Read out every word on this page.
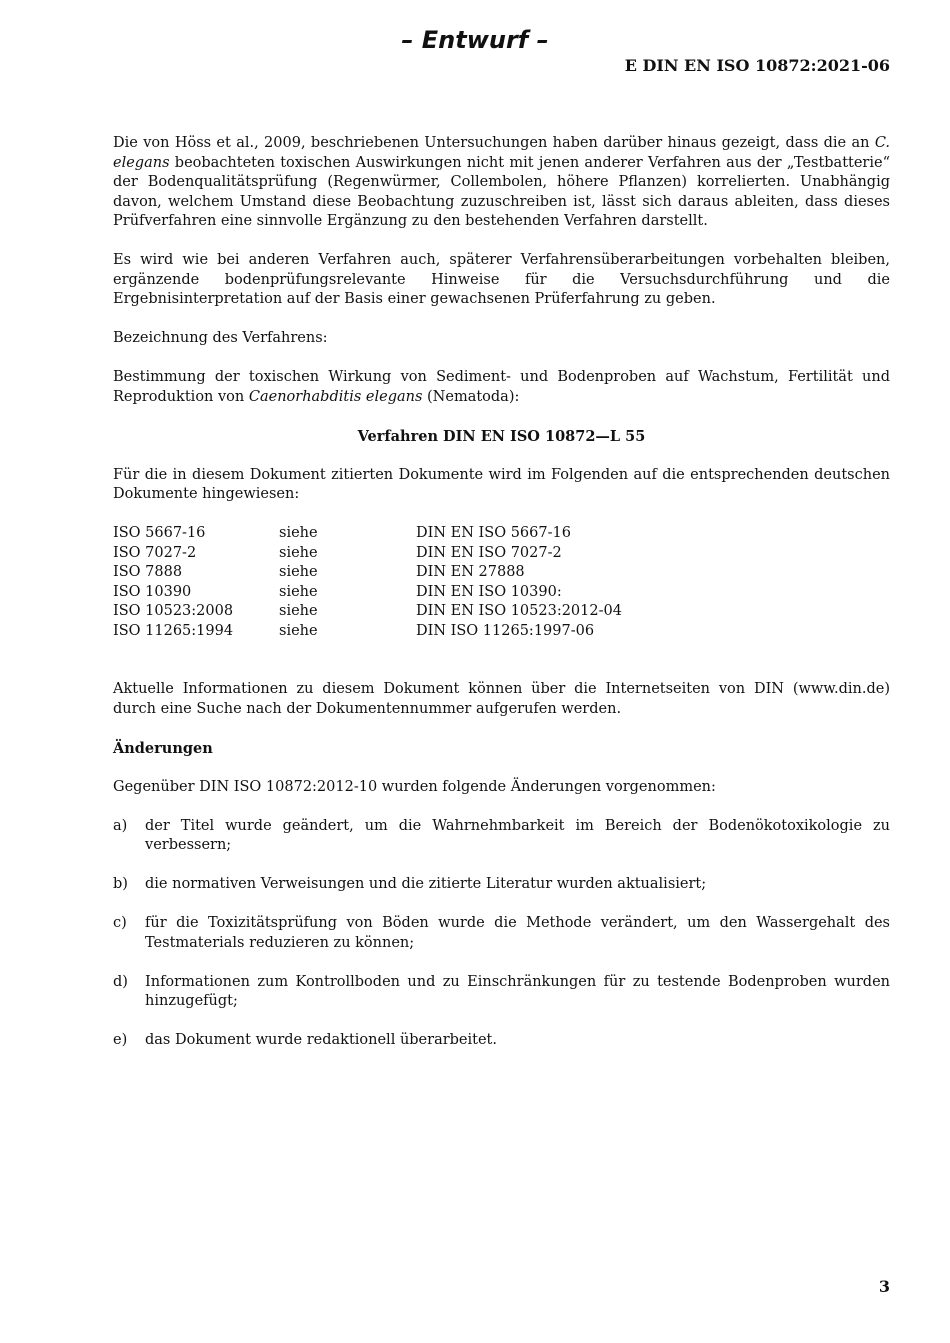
– Entwurf –
E DIN EN ISO 10872:2021-06

Die von Höss et al., 2009, beschriebenen Untersuchungen haben darüber hinaus gezeigt, dass die an C. elegans beobachteten toxischen Auswirkungen nicht mit jenen anderer Verfahren aus der „Testbatterie“ der Bodenqualitätsprüfung (Regenwürmer, Collembolen, höhere Pflanzen) korrelierten. Unabhängig davon, welchem Umstand diese Beobachtung zuzuschreiben ist, lässt sich daraus ableiten, dass dieses Prüfverfahren eine sinnvolle Ergänzung zu den bestehenden Verfahren darstellt.

Es wird wie bei anderen Verfahren auch, späterer Verfahrensüberarbeitungen vorbehalten bleiben, ergänzende bodenprüfungsrelevante Hinweise für die Versuchsdurchführung und die Ergebnisinterpretation auf der Basis einer gewachsenen Prüferfahrung zu geben.

Bezeichnung des Verfahrens:

Bestimmung der toxischen Wirkung von Sediment- und Bodenproben auf Wachstum, Fertilität und Reproduktion von Caenorhabditis elegans (Nematoda):

Verfahren DIN EN ISO 10872—L 55

Für die in diesem Dokument zitierten Dokumente wird im Folgenden auf die entsprechenden deutschen Dokumente hingewiesen:

ISO 5667-16	siehe	DIN EN ISO 5667-16
ISO 7027-2	siehe	DIN EN ISO 7027-2
ISO 7888	siehe	DIN EN 27888
ISO 10390	siehe	DIN EN ISO 10390:
ISO 10523:2008	siehe	DIN EN ISO 10523:2012-04
ISO 11265:1994	siehe	DIN ISO 11265:1997-06

Aktuelle Informationen zu diesem Dokument können über die Internetseiten von DIN (www.din.de) durch eine Suche nach der Dokumentennummer aufgerufen werden.

Änderungen

Gegenüber DIN ISO 10872:2012-10 wurden folgende Änderungen vorgenommen:

a)	der Titel wurde geändert, um die Wahrnehmbarkeit im Bereich der Bodenökotoxikologie zu verbessern;
b)	die normativen Verweisungen und die zitierte Literatur wurden aktualisiert;
c)	für die Toxizitätsprüfung von Böden wurde die Methode verändert, um den Wassergehalt des Testmaterials reduzieren zu können;
d)	Informationen zum Kontrollboden und zu Einschränkungen für zu testende Bodenproben wurden hinzugefügt;
e)	das Dokument wurde redaktionell überarbeitet.
3
